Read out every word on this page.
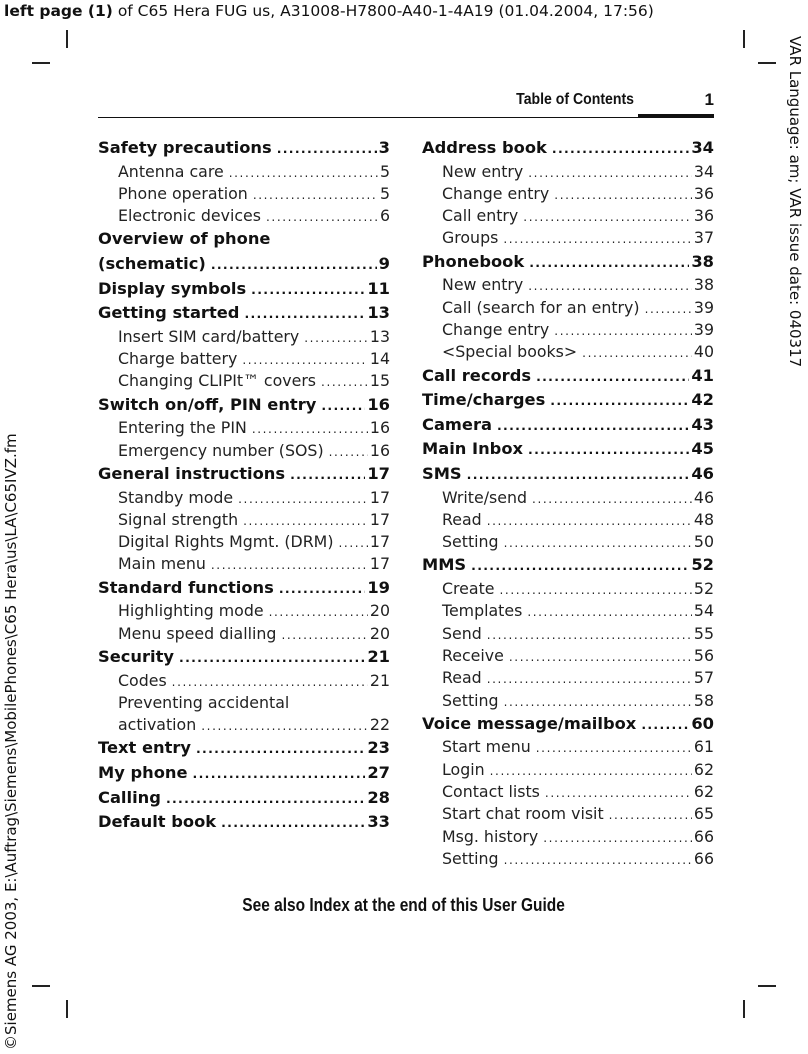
left page (1) of C65 Hera FUG us, A31008-H7800-A40-1-4A19 (01.04.2004, 17:56)
VAR Language: am; VAR issue date: 040317
©Siemens AG 2003, E:\Auftrag\Siemens\MobilePhones\C65 Hera\us\LA\C65IVZ.fm
Table of Contents	1
Safety precautions .....	3
Antenna care .....	5
Phone operation .....	5
Electronic devices .....	6
Overview of phone
(schematic) .....	9
Display symbols .....	11
Getting started .....	13
Insert SIM card/battery .....	13
Charge battery .....	14
Changing CLIPIt™ covers .....	15
Switch on/off, PIN entry .....	16
Entering the PIN .....	16
Emergency number (SOS) .....	16
General instructions .....	17
Standby mode .....	17
Signal strength .....	17
Digital Rights Mgmt. (DRM) ..... 17
Main menu .....	17
Standard functions .....	19
Highlighting mode .....	20
Menu speed dialling .....	20
Security .....	21
Codes .....	21
Preventing accidental
activation .....	22
Text entry .....	23
My phone .....	27
Calling .....	28
Default book .....	33
Address book .....	34
New entry .....	34
Change entry .....	36
Call entry .....	36
Groups .....	37
Phonebook .....	38
New entry .....	38
Call (search for an entry) .....	39
Change entry .....	39
<Special books> .....	40
Call records .....	41
Time/charges .....	42
Camera .....	43
Main Inbox .....	45
SMS .....	46
Write/send .....	46
Read .....	48
Setting .....	50
MMS .....	52
Create .....	52
Templates .....	54
Send .....	55
Receive .....	56
Read .....	57
Setting .....	58
Voice message/mailbox .....	60
Start menu .....	61
Login .....	62
Contact lists .....	62
Start chat room visit .....	65
Msg. history .....	66
Setting .....	66
See also Index at the end of this User Guide
